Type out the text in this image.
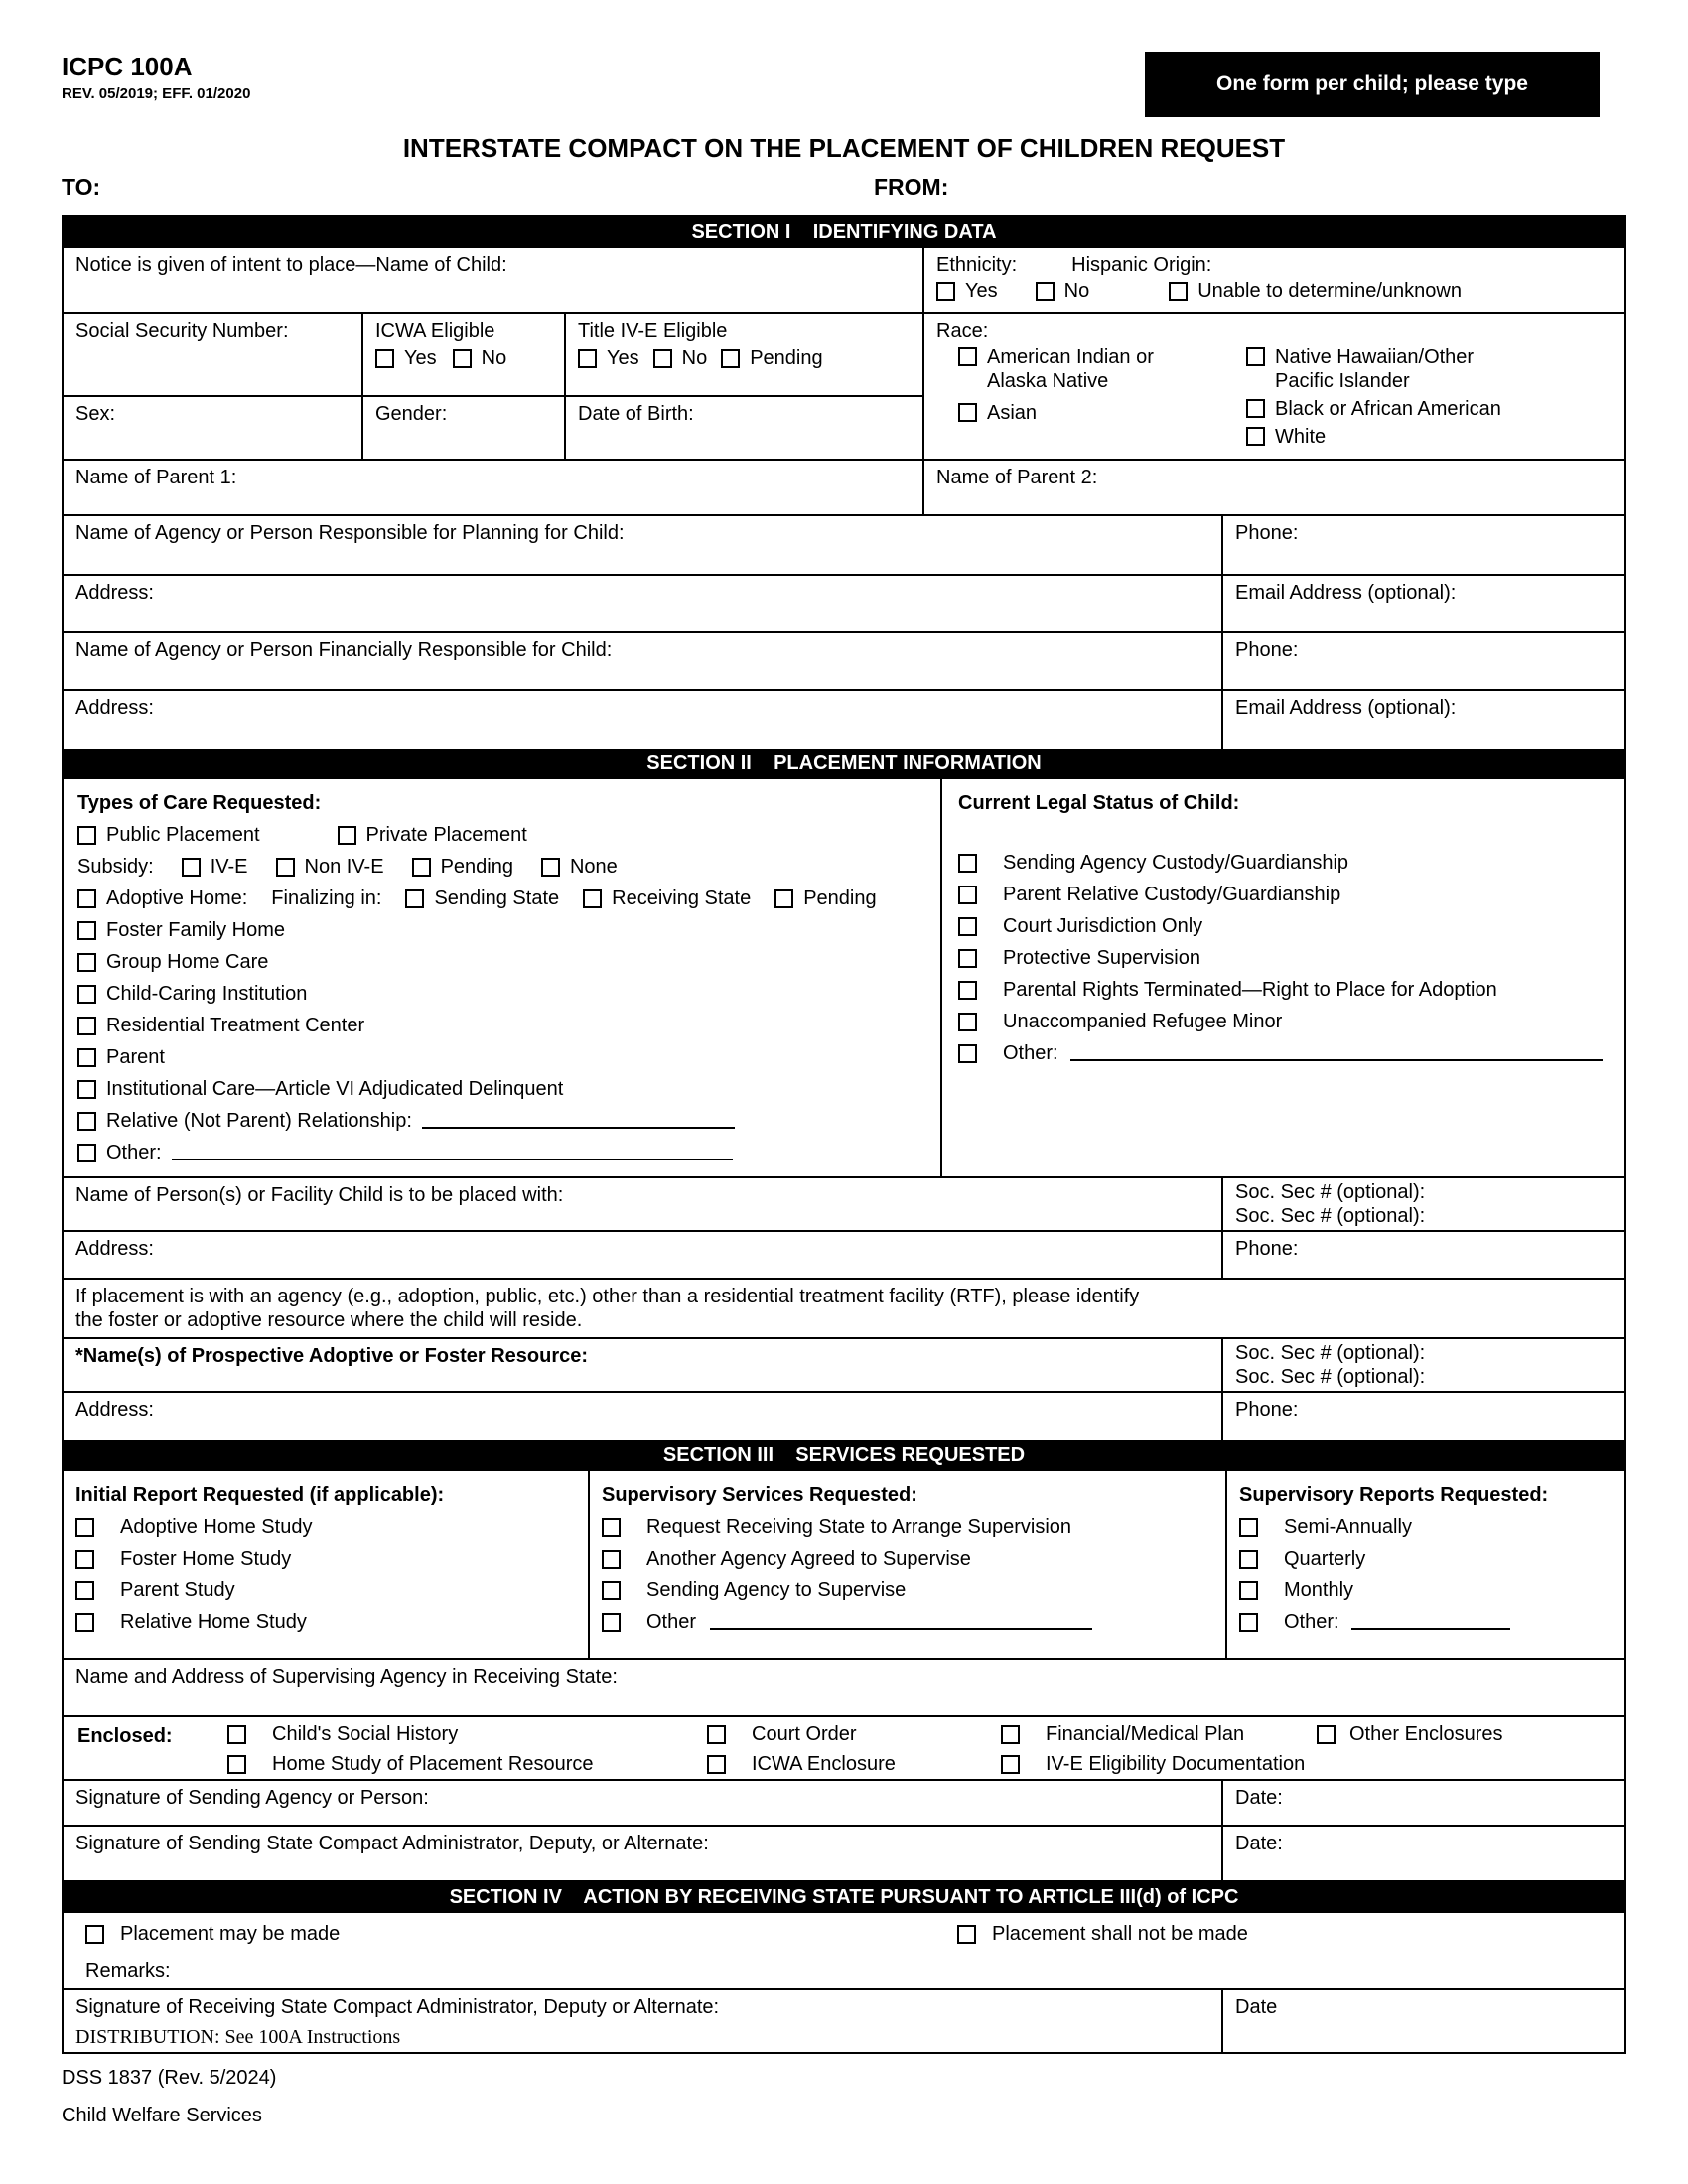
ICPC 100A
REV. 05/2019; EFF. 01/2020	One form per child; please type
INTERSTATE COMPACT ON THE PLACEMENT OF CHILDREN REQUEST
TO:	FROM:
SECTION I    IDENTIFYING DATA
Notice is given of intent to place—Name of Child:
Social Security Number:	ICWA Eligible
Yes No
Title IV-E Eligible
Yes No Pending
Sex:	Gender:	Date of Birth:
Ethnicity:	Hispanic Origin:
Yes	No	Unable to determine/unknown
Race:
American Indian or Alaska Native
Asian
Native Hawaiian/Other Pacific Islander
Black or African American
White
Name of Parent 1:	Name of Parent 2:
Name of Agency or Person Responsible for Planning for Child:	Phone:
Address:	Email Address (optional):
Name of Agency or Person Financially Responsible for Child:	Phone:
Address:	Email Address (optional):
SECTION II    PLACEMENT INFORMATION
Types of Care Requested:
Public Placement	Private Placement
Subsidy:	IV-E	Non IV-E	Pending	None
Adoptive Home: Finalizing in:	Sending State	Receiving State	Pending
Foster Family Home
Group Home Care
Child-Caring Institution
Residential Treatment Center
Parent
Institutional Care—Article VI Adjudicated Delinquent
Relative (Not Parent) Relationship:
Other:
Current Legal Status of Child:
Sending Agency Custody/Guardianship
Parent Relative Custody/Guardianship
Court Jurisdiction Only
Protective Supervision
Parental Rights Terminated—Right to Place for Adoption
Unaccompanied Refugee Minor
Other:
Name of Person(s) or Facility Child is to be placed with:	Soc. Sec # (optional):
Soc. Sec # (optional):
Address:	Phone:
If placement is with an agency (e.g., adoption, public, etc.) other than a residential treatment facility (RTF), please identify the foster or adoptive resource where the child will reside.
*Name(s) of Prospective Adoptive or Foster Resource:	Soc. Sec # (optional):
Soc. Sec # (optional):
Address:	Phone:
SECTION III    SERVICES REQUESTED
Initial Report Requested (if applicable):
Adoptive Home Study
Foster Home Study
Parent Study
Relative Home Study
Supervisory Services Requested:
Request Receiving State to Arrange Supervision
Another Agency Agreed to Supervise
Sending Agency to Supervise
Other
Supervisory Reports Requested:
Semi-Annually
Quarterly
Monthly
Other:
Name and Address of Supervising Agency in Receiving State:
Enclosed:	Child's Social History	Court Order	Financial/Medical Plan	Other Enclosures
Home Study of Placement Resource	ICWA Enclosure	IV-E Eligibility Documentation
Signature of Sending Agency or Person:	Date:
Signature of Sending State Compact Administrator, Deputy, or Alternate:	Date:
SECTION IV    ACTION BY RECEIVING STATE PURSUANT TO ARTICLE III(d) of ICPC
Placement may be made	Placement shall not be made
Remarks:
Signature of Receiving State Compact Administrator, Deputy or Alternate:
DISTRIBUTION: See 100A Instructions
Date
DSS 1837 (Rev. 5/2024)
Child Welfare Services
